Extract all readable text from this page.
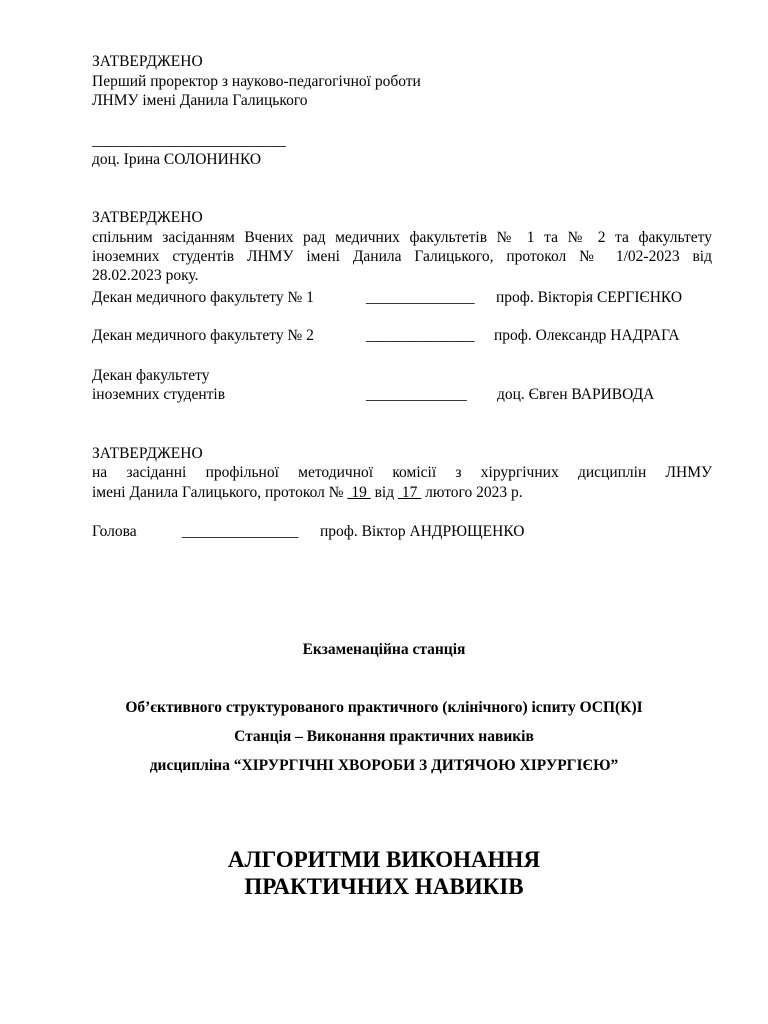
ЗАТВЕРДЖЕНО
Перший проректор з науково-педагогічної роботи
ЛНМУ імені Данила Галицького
_________________________
доц. Ірина СОЛОНИНКО
ЗАТВЕРДЖЕНО
спільним засіданням Вчених рад медичних факультетів № 1 та № 2 та факультету
іноземних студентів ЛНМУ імені Данила Галицького, протокол № 1/02-2023 від
28.02.2023 року.
Декан медичного факультету № 1	______________ проф. Вікторія СЕРГІЄНКО
Декан медичного факультету № 2	______________ проф. Олександр НАДРАГА
Декан факультету
іноземних студентів	_____________ доц. Євген ВАРИВОДА
ЗАТВЕРДЖЕНО
на засіданні профільної методичної комісії з хірургічних дисциплін ЛНМУ
імені Данила Галицького, протокол №  19  від  17  лютого 2023 р.
Голова	_______________ проф. Віктор АНДРЮЩЕНКО
Екзаменаційна станція
Об’єктивного структурованого практичного (клінічного) іспиту ОСП(К)І
Станція – Виконання практичних навиків
дисципліна “ХІРУРГІЧНІ ХВОРОБИ З ДИТЯЧОЮ ХІРУРГІЄЮ”
АЛГОРИТМИ ВИКОНАННЯ
ПРАКТИЧНИХ НАВИКІВ
